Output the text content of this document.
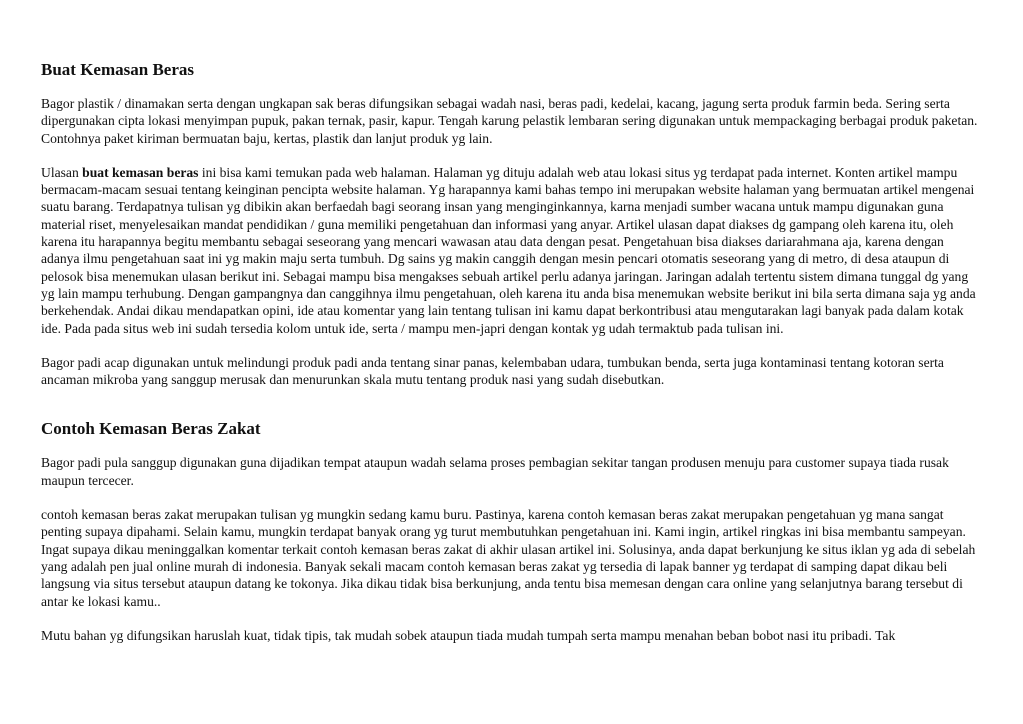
Buat Kemasan Beras

Bagor plastik / dinamakan serta dengan ungkapan sak beras difungsikan sebagai wadah nasi, beras padi, kedelai, kacang, jagung serta produk farmin beda. Sering serta dipergunakan cipta lokasi menyimpan pupuk, pakan ternak, pasir, kapur. Tengah karung pelastik lembaran sering digunakan untuk mempackaging berbagai produk paketan. Contohnya paket kiriman bermuatan baju, kertas, plastik dan lanjut produk yg lain.

Ulasan buat kemasan beras ini bisa kami temukan pada web halaman. Halaman yg dituju adalah web atau lokasi situs yg terdapat pada internet. Konten artikel mampu bermacam-macam sesuai tentang keinginan pencipta website halaman. Yg harapannya kami bahas tempo ini merupakan website halaman yang bermuatan artikel mengenai suatu barang. Terdapatnya tulisan yg dibikin akan berfaedah bagi seorang insan yang menginginkannya, karna menjadi sumber wacana untuk mampu digunakan guna material riset, menyelesaikan mandat pendidikan / guna memiliki pengetahuan dan informasi yang anyar. Artikel ulasan dapat diakses dg gampang oleh karena itu, oleh karena itu harapannya begitu membantu sebagai seseorang yang mencari wawasan atau data dengan pesat. Pengetahuan bisa diakses dariarahmana aja, karena dengan adanya ilmu pengetahuan saat ini yg makin maju serta tumbuh. Dg sains yg makin canggih dengan mesin pencari otomatis seseorang yang di metro, di desa ataupun di pelosok bisa menemukan ulasan berikut ini. Sebagai mampu bisa mengakses sebuah artikel perlu adanya jaringan. Jaringan adalah tertentu sistem dimana tunggal dg yang yg lain mampu terhubung. Dengan gampangnya dan canggihnya ilmu pengetahuan, oleh karena itu anda bisa menemukan website berikut ini bila serta dimana saja yg anda berkehendak. Andai dikau mendapatkan opini, ide atau komentar yang lain tentang tulisan ini kamu dapat berkontribusi atau mengutarakan lagi banyak pada dalam kotak ide. Pada pada situs web ini sudah tersedia kolom untuk ide, serta / mampu men-japri dengan kontak yg udah termaktub pada tulisan ini.

Bagor padi acap digunakan untuk melindungi produk padi anda tentang sinar panas, kelembaban udara, tumbukan benda, serta juga kontaminasi tentang kotoran serta ancaman mikroba yang sanggup merusak dan menurunkan skala mutu tentang produk nasi yang sudah disebutkan.

Contoh Kemasan Beras Zakat

Bagor padi pula sanggup digunakan guna dijadikan tempat ataupun wadah selama proses pembagian sekitar tangan produsen menuju para customer supaya tiada rusak maupun tercecer.

contoh kemasan beras zakat merupakan tulisan yg mungkin sedang kamu buru. Pastinya, karena contoh kemasan beras zakat merupakan pengetahuan yg mana sangat penting supaya dipahami. Selain kamu, mungkin terdapat banyak orang yg turut membutuhkan pengetahuan ini. Kami ingin, artikel ringkas ini bisa membantu sampeyan. Ingat supaya dikau meninggalkan komentar terkait contoh kemasan beras zakat di akhir ulasan artikel ini. Solusinya, anda dapat berkunjung ke situs iklan yg ada di sebelah yang adalah pen jual online murah di indonesia. Banyak sekali macam contoh kemasan beras zakat yg tersedia di lapak banner yg terdapat di samping dapat dikau beli langsung via situs tersebut ataupun datang ke tokonya. Jika dikau tidak bisa berkunjung, anda tentu bisa memesan dengan cara online yang selanjutnya barang tersebut di antar ke lokasi kamu..

Mutu bahan yg difungsikan haruslah kuat, tidak tipis, tak mudah sobek ataupun tiada mudah tumpah serta mampu menahan beban bobot nasi itu pribadi. Tak
